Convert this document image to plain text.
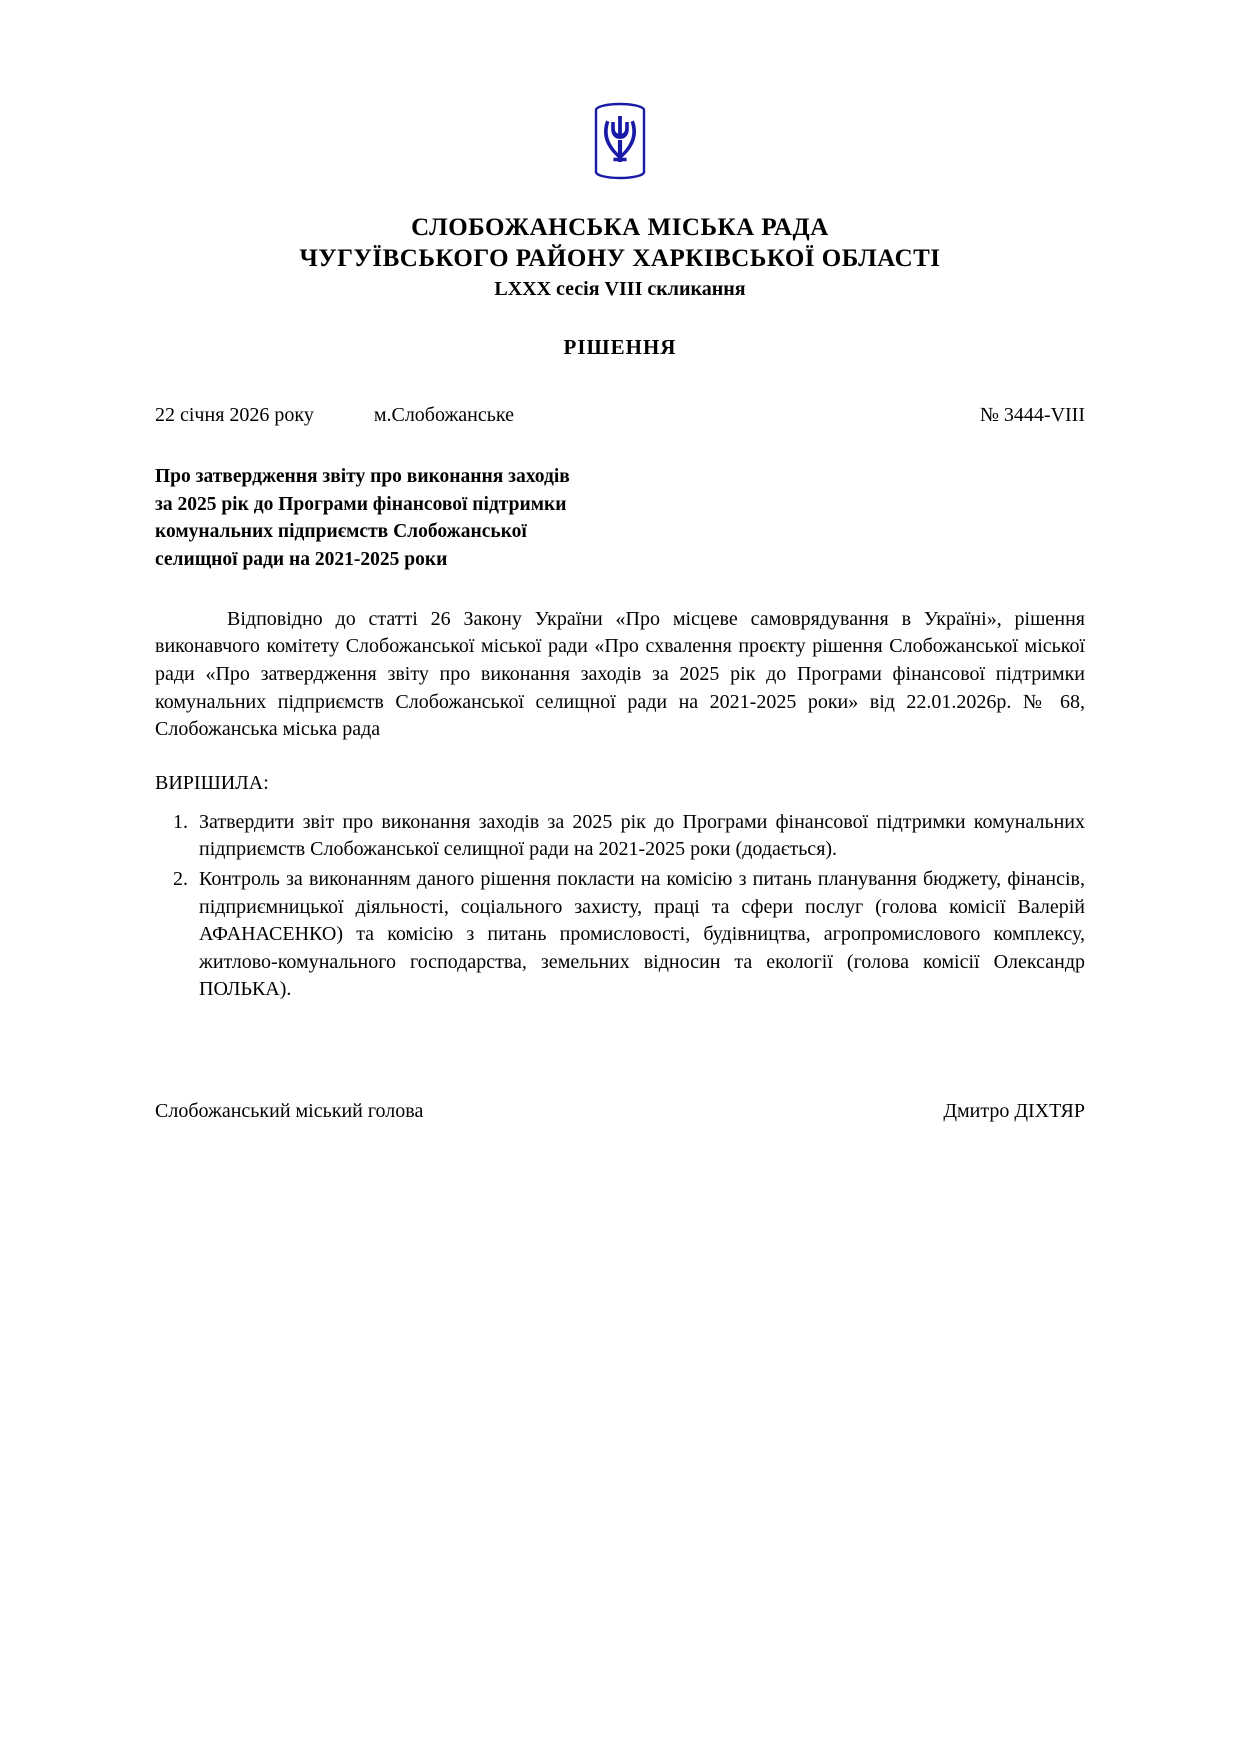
СЛОБОЖАНСЬКА МІСЬКА РАДА
ЧУГУЇВСЬКОГО РАЙОНУ ХАРКІВСЬКОЇ ОБЛАСТІ
LXXX сесія VIII скликання
РІШЕННЯ
22 січня 2026 року	м.Слобожанське	№ 3444-VIII
Про затвердження звіту про виконання заходів
за 2025 рік до Програми фінансової підтримки
комунальних підприємств Слобожанської
селищної ради на 2021-2025 роки
Відповідно до статті 26 Закону України «Про місцеве самоврядування в Україні», рішення виконавчого комітету Слобожанської міської ради «Про схвалення проєкту рішення Слобожанської міської ради «Про затвердження звіту про виконання заходів за 2025 рік до Програми фінансової підтримки комунальних підприємств Слобожанської селищної ради на 2021-2025 роки» від 22.01.2026р. № 68, Слобожанська міська рада
ВИРІШИЛА:
1. Затвердити звіт про виконання заходів за 2025 рік до Програми фінансової підтримки комунальних підприємств Слобожанської селищної ради на 2021-2025 роки (додається).
2. Контроль за виконанням даного рішення покласти на комісію з питань планування бюджету, фінансів, підприємницької діяльності, соціального захисту, праці та сфери послуг (голова комісії Валерій АФАНАСЕНКО) та комісію з питань промисловості, будівництва, агропромислового комплексу, житлово-комунального господарства, земельних відносин та екології (голова комісії Олександр ПОЛЬКА).
Слобожанський міський голова	Дмитро ДІХТЯР
